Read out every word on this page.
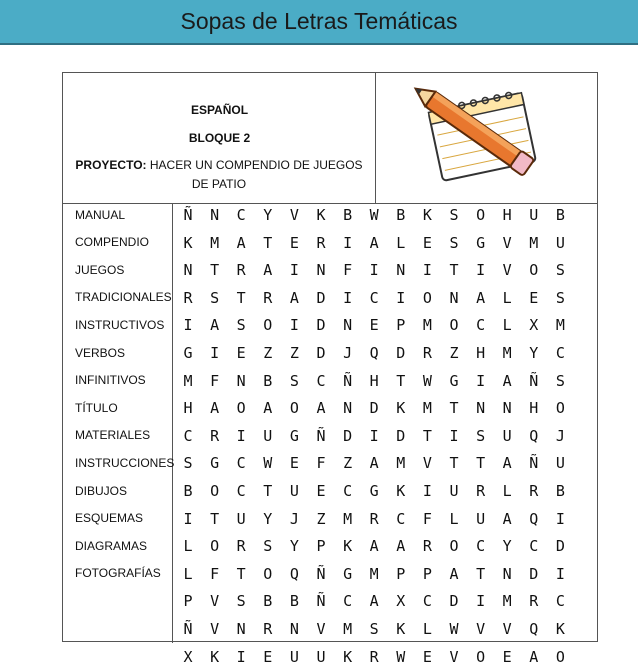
Sopas de Letras Temáticas
ESPAÑOL
BLOQUE 2
PROYECTO: HACER UN COMPENDIO DE JUEGOS DE PATIO
MANUAL
COMPENDIO
JUEGOS
TRADICIONALES
INSTRUCTIVOS
VERBOS
INFINITIVOS
TÍTULO
MATERIALES
INSTRUCCIONES
DIBUJOS
ESQUEMAS
DIAGRAMAS
FOTOGRAFÍAS
Ñ	N	C	Y	V	K	B	W	B	K	S	O	H	U	B
K	M	A	T	E	R	I	A	L	E	S	G	V	M	U
N	T	R	A	I	N	F	I	N	I	T	I	V	O	S
R	S	T	R	A	D	I	C	I	O	N	A	L	E	S
I	A	S	O	I	D	N	E	P	M	O	C	L	X	M
G	I	E	Z	Z	D	J	Q	D	R	Z	H	M	Y	C
M	F	N	B	S	C	Ñ	H	T	W	G	I	A	Ñ	S
H	A	O	A	O	A	N	D	K	M	T	N	N	H	O
C	R	I	U	G	Ñ	D	I	D	T	I	S	U	Q	J
S	G	C	W	E	F	Z	A	M	V	T	T	A	Ñ	U
B	O	C	T	U	E	C	G	K	I	U	R	L	R	B
I	T	U	Y	J	Z	M	R	C	F	L	U	A	Q	I
L	O	R	S	Y	P	K	A	A	R	O	C	Y	C	D
L	F	T	O	Q	Ñ	G	M	P	P	A	T	N	D	I
P	V	S	B	B	Ñ	C	A	X	C	D	I	M	R	C
Ñ	V	N	R	N	V	M	S	K	L	W	V	V	Q	K
X	K	I	E	U	U	K	R	W	E	V	O	E	A	O
